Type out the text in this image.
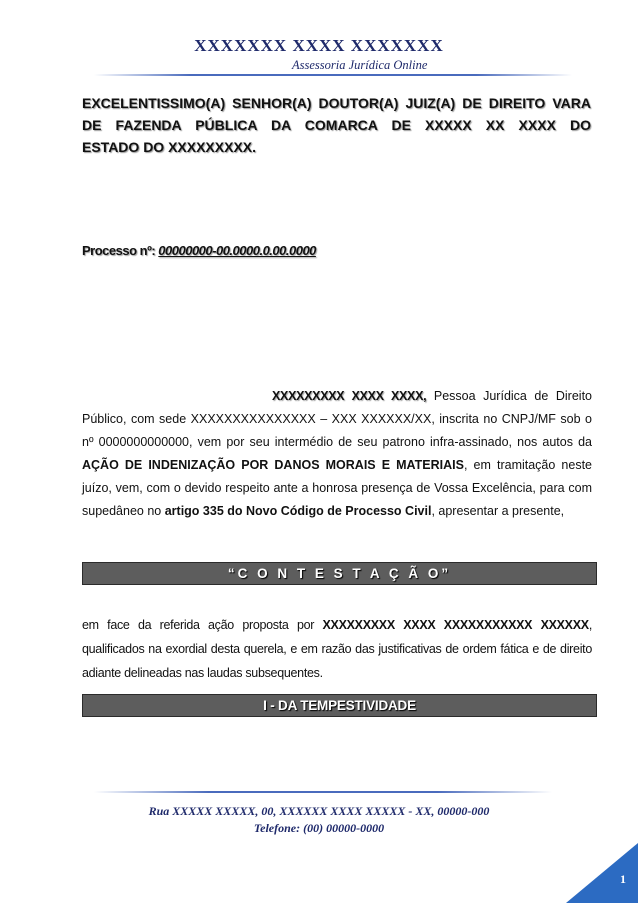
XXXXXXX XXXX XXXXXXX
Assessoria Jurídica Online
EXCELENTISSIMO(A) SENHOR(A) DOUTOR(A) JUIZ(A) DE DIREITO VARA DE FAZENDA PÚBLICA DA COMARCA DE XXXXX XX XXXX DO
ESTADO DO XXXXXXXXX.
Processo nº: 00000000-00.0000.0.00.0000
XXXXXXXXX XXXX XXXX, Pessoa Jurídica de Direito Público, com sede XXXXXXXXXXXXXXX – XXX XXXXXX/XX, inscrita no CNPJ/MF sob o nº 0000000000000, vem por seu intermédio de seu patrono infra-assinado, nos autos da AÇÃO DE INDENIZAÇÃO POR DANOS MORAIS E MATERIAIS, em tramitação neste juízo, vem, com o devido respeito ante a honrosa presença de Vossa Excelência, para com supedâneo no artigo 335 do Novo Código de Processo Civil, apresentar a presente,
“C O N T E S T A Ç Ã O”
em face da referida ação proposta por XXXXXXXXX XXXX XXXXXXXXXXX XXXXXX, qualificados na exordial desta querela, e em razão das justificativas de ordem fática e de direito adiante delineadas nas laudas subsequentes.
I - DA TEMPESTIVIDADE
Rua XXXXX XXXXX, 00, XXXXXX XXXX XXXXX - XX, 00000-000
Telefone: (00) 00000-0000
1
